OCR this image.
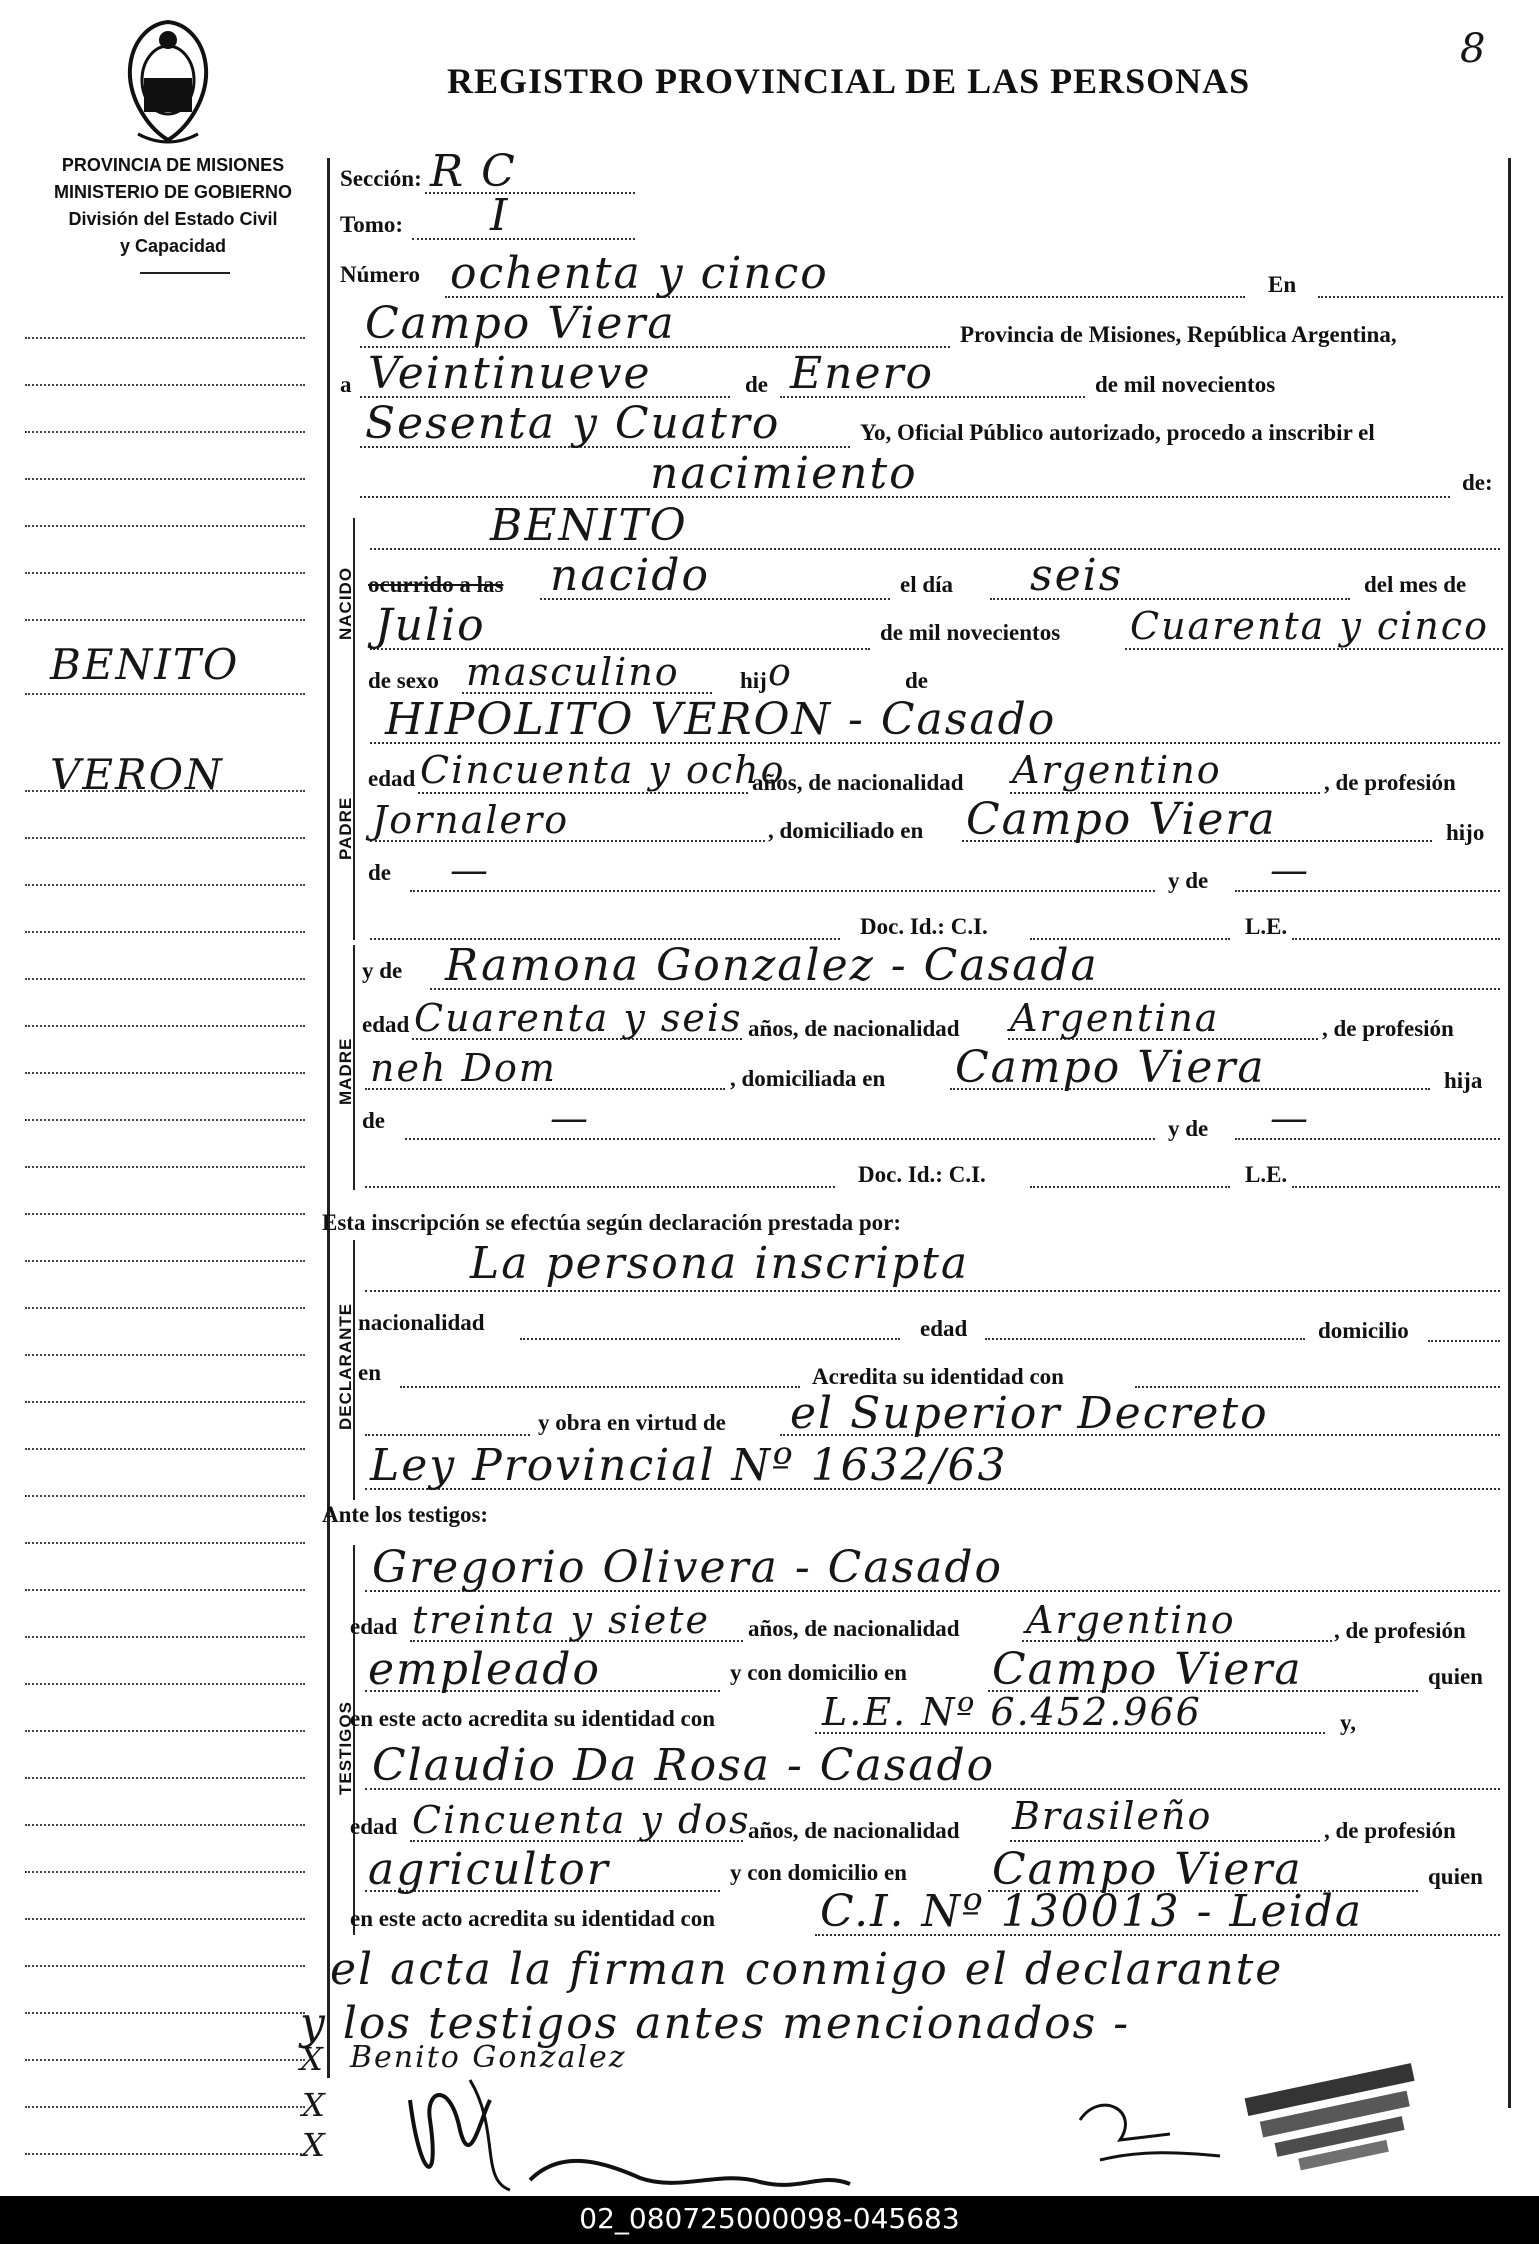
REGISTRO PROVINCIAL DE LAS PERSONAS
8
PROVINCIA DE MISIONES
MINISTERIO DE GOBIERNO
División del Estado Civil
y Capacidad
BENITO
VERON
NACIDO
PADRE
MADRE
DECLARANTE
TESTIGOS
Sección: R C
Tomo: I
Número ochenta y cinco	En
Campo Viera	Provincia de Misiones, República Argentina,
a Veintinueve	de Enero	de mil novecientos
Sesenta y Cuatro	Yo, Oficial Público autorizado, procedo a inscribir el
nacimiento	de:
BENITO
ocurrido a las nacido	el día seis	del mes de
Julio	de mil novecientos Cuarenta y cinco
de sexo masculino	hij o	de
HIPOLITO VERON - Casado
edad Cincuenta y ocho
años, de nacionalidad Argentino	, de profesión
Jornalero	, domiciliado en Campo Viera	hijo
de —	y de —
Doc. Id.: C.I.	L.E.
y de Ramona Gonzalez - Casada
edad Cuarenta y seis años, de nacionalidad Argentina	, de profesión
neh Dom	, domiciliada en Campo Viera	hija
de	—	y de —
Doc. Id.: C.I.	L.E.
Esta inscripción se efectúa según declaración prestada por:
La persona inscripta
nacionalidad	edad	domicilio
en	Acredita su identidad con
y obra en virtud de el Superior Decreto
Ley Provincial Nº 1632/63
Ante los testigos:
Gregorio Olivera - Casado
edad treinta y siete años, de nacionalidad Argentino	, de profesión
empleado	y con domicilio en Campo Viera	quien
en este acto acredita su identidad con	L.E. Nº 6.452.966	y,
Claudio Da Rosa - Casado
edad Cincuenta y dos
años, de nacionalidad Brasileño	, de profesión
agricultor	y con domicilio en Campo Viera	quien
en este acto acredita su identidad con C.I. Nº 130013 - Leida
el acta la firman conmigo el declarante
y los testigos antes mencionados -
X Benito Gonzalez
X
X
02_080725000098-045683
